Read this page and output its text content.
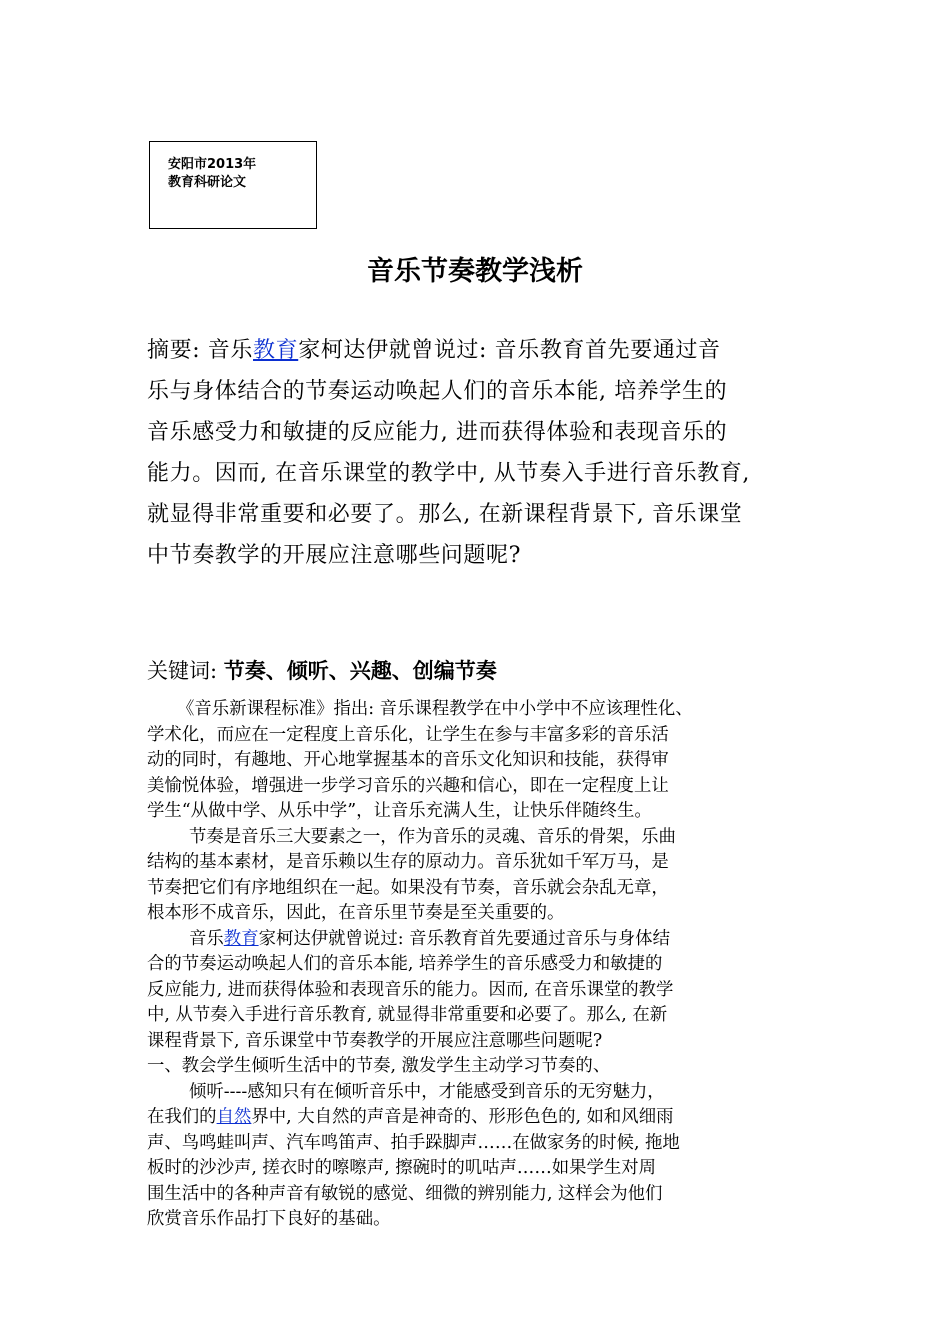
安阳市2013年
教育科研论文
音乐节奏教学浅析
摘要: 音乐教育家柯达伊就曾说过: 音乐教育首先要通过音
乐与身体结合的节奏运动唤起人们的音乐本能, 培养学生的
音乐感受力和敏捷的反应能力, 进而获得体验和表现音乐的
能力。因而, 在音乐课堂的教学中, 从节奏入手进行音乐教育,
就显得非常重要和必要了。那么, 在新课程背景下, 音乐课堂
中节奏教学的开展应注意哪些问题呢?
关键词: 节奏、倾听、兴趣、创编节奏
《音乐新课程标准》指出: 音乐课程教学在中小学中不应该理性化、
学术化，而应在一定程度上音乐化，让学生在参与丰富多彩的音乐活
动的同时，有趣地、开心地掌握基本的音乐文化知识和技能，获得审
美愉悦体验，增强进一步学习音乐的兴趣和信心，即在一定程度上让
学生“从做中学、从乐中学”，让音乐充满人生，让快乐伴随终生。
节奏是音乐三大要素之一，作为音乐的灵魂、音乐的骨架，乐曲
结构的基本素材，是音乐赖以生存的原动力。音乐犹如千军万马，是
节奏把它们有序地组织在一起。如果没有节奏，音乐就会杂乱无章，
根本形不成音乐，因此，在音乐里节奏是至关重要的。
音乐教育家柯达伊就曾说过: 音乐教育首先要通过音乐与身体结
合的节奏运动唤起人们的音乐本能, 培养学生的音乐感受力和敏捷的
反应能力, 进而获得体验和表现音乐的能力。因而, 在音乐课堂的教学
中, 从节奏入手进行音乐教育, 就显得非常重要和必要了。那么, 在新
课程背景下, 音乐课堂中节奏教学的开展应注意哪些问题呢?
一、教会学生倾听生活中的节奏, 激发学生主动学习节奏的、
倾听----感知只有在倾听音乐中，才能感受到音乐的无穷魅力，
在我们的自然界中, 大自然的声音是神奇的、形形色色的, 如和风细雨
声、鸟鸣蛙叫声、汽车鸣笛声、拍手跺脚声……在做家务的时候, 拖地
板时的沙沙声, 搓衣时的嚓嚓声, 擦碗时的叽咕声……如果学生对周
围生活中的各种声音有敏锐的感觉、细微的辨别能力, 这样会为他们
欣赏音乐作品打下良好的基础。
